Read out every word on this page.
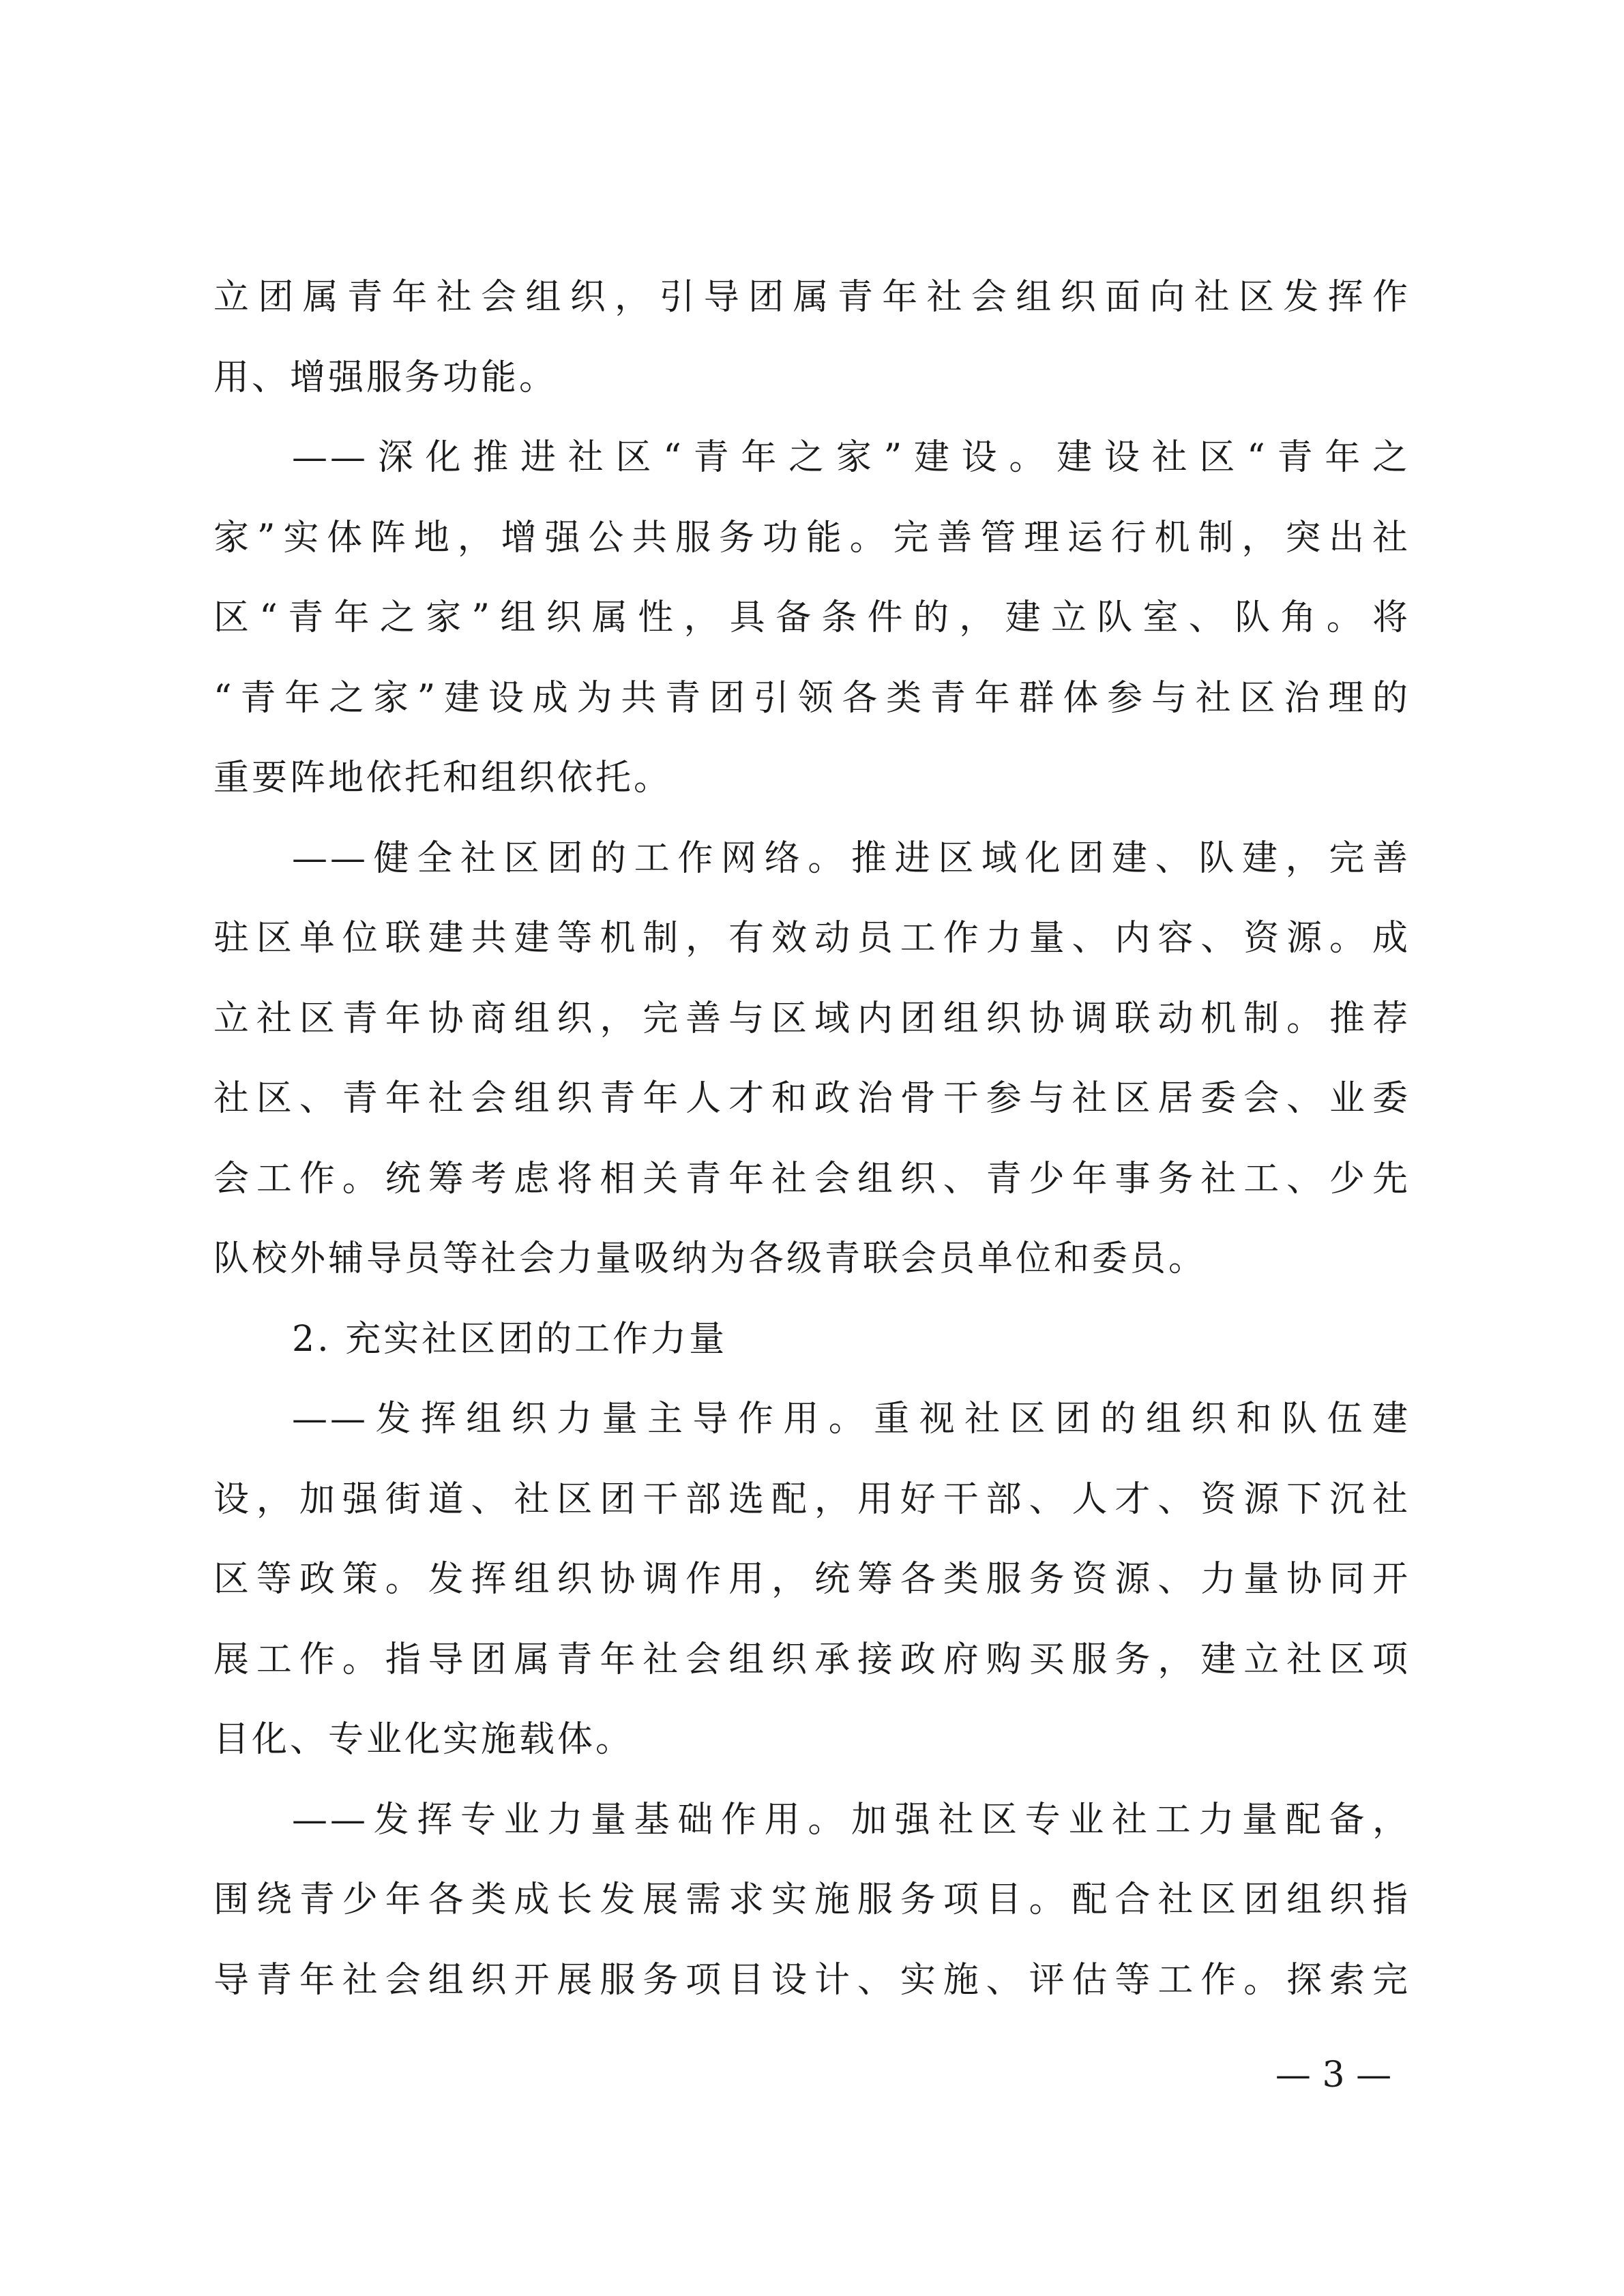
立团属青年社会组织，引导团属青年社会组织面向社区发挥作
用、增强服务功能。
——深化推进社区“青年之家”建设。建设社区“青年之
家”实体阵地，增强公共服务功能。完善管理运行机制，突出社
区“青年之家”组织属性，具备条件的，建立队室、队角。将
“青年之家”建设成为共青团引领各类青年群体参与社区治理的
重要阵地依托和组织依托。
——健全社区团的工作网络。推进区域化团建、队建，完善
驻区单位联建共建等机制，有效动员工作力量、内容、资源。成
立社区青年协商组织，完善与区域内团组织协调联动机制。推荐
社区、青年社会组织青年人才和政治骨干参与社区居委会、业委
会工作。统筹考虑将相关青年社会组织、青少年事务社工、少先
队校外辅导员等社会力量吸纳为各级青联会员单位和委员。
2. 充实社区团的工作力量
——发挥组织力量主导作用。重视社区团的组织和队伍建
设，加强街道、社区团干部选配，用好干部、人才、资源下沉社
区等政策。发挥组织协调作用，统筹各类服务资源、力量协同开
展工作。指导团属青年社会组织承接政府购买服务，建立社区项
目化、专业化实施载体。
——发挥专业力量基础作用。加强社区专业社工力量配备，
围绕青少年各类成长发展需求实施服务项目。配合社区团组织指
导青年社会组织开展服务项目设计、实施、评估等工作。探索完
— 3 —
